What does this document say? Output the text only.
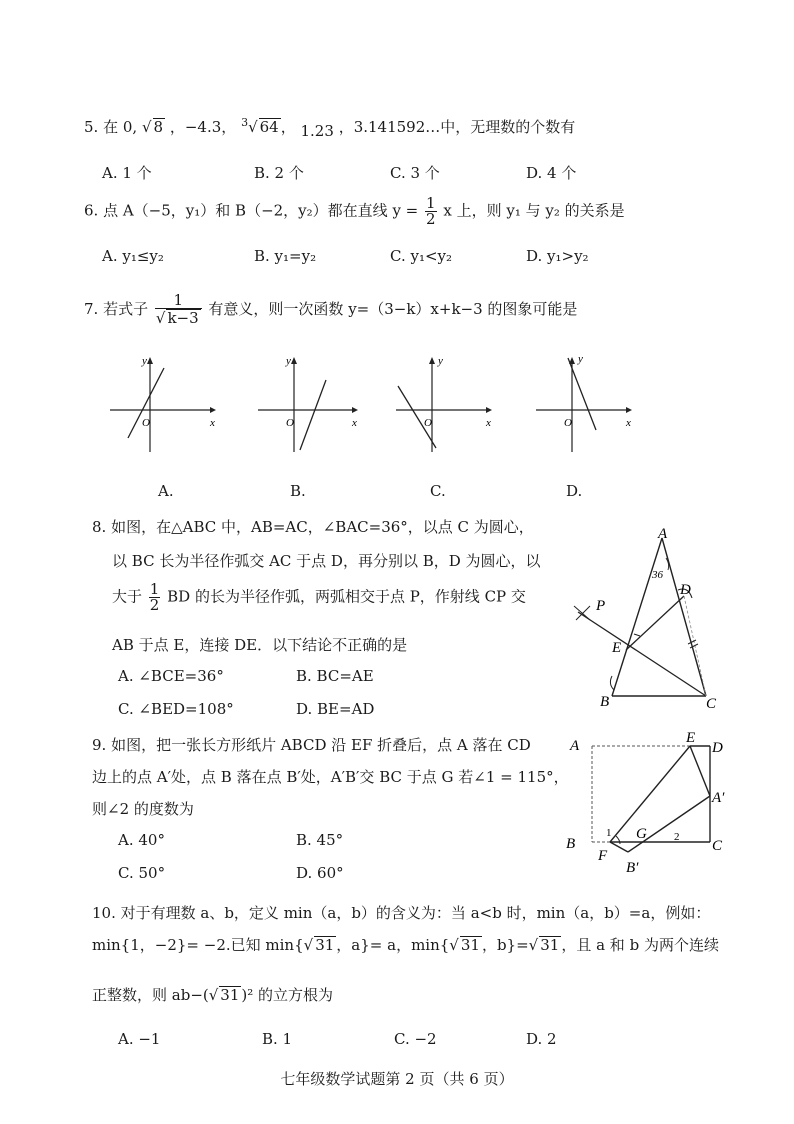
5. 在 0, √ 8 ，−4.3， $^3$√ 64 ， 1.23 ，3.141592…中，无理数的个数有
A. 1 个	B. 2 个	C. 3 个	D. 4 个
6. 点 A（−5，y₁）和 B（−2，y₂）都在直线 $y = \frac{1}{2}$ x 上，则 y₁ 与 y₂ 的关系是
A. y₁≤y₂	B. y₁=y₂	C. y₁<y₂	D. y₁>y₂
7. 若式子 $\frac{1}{√ k-3}$ 有意义，则一次函数 y=（3−k）x+k−3 的图象可能是
y
x
O
y
x
O
y
x
O
y
x
O
A.	B.	C.	D.
8. 如图，在△ABC 中，AB=AC，∠BAC=36°，以点 C 为圆心，
以 BC 长为半径作弧交 AC 于点 D，再分别以 B，D 为圆心，以
大于 $\frac{1}{2}$ BD 的长为半径作弧，两弧相交于点 P，作射线 CP 交
AB 于点 E，连接 DE．以下结论不正确的是
A. ∠BCE=36°	B. BC=AE
C. ∠BED=108°	D. BE=AD
A
B	C
D
E
P
36
9. 如图，把一张长方形纸片 ABCD 沿 EF 折叠后，点 A 落在 CD
边上的点 A′处，点 B 落在点 B′处，A′B′交 BC 于点 G 若∠1 = 115°，
则∠2 的度数为
A. 40°	B. 45°
C. 50°	D. 60°
A	E
D
A′
B	C
F
G
B′
1	2
10. 对于有理数 a、b，定义 min（a，b）的含义为：当 a<b 时，min（a，b）=a，例如：
min{1，−2}= −2.已知 min{√ 31 ，a}= a，min{√ 31 ，b}=√ 31 ，且 a 和 b 为两个连续
正整数，则 ab−(√ 31 )² 的立方根为
A. −1	B. 1	C. −2	D. 2
七年级数学试题第 2 页（共 6 页）
